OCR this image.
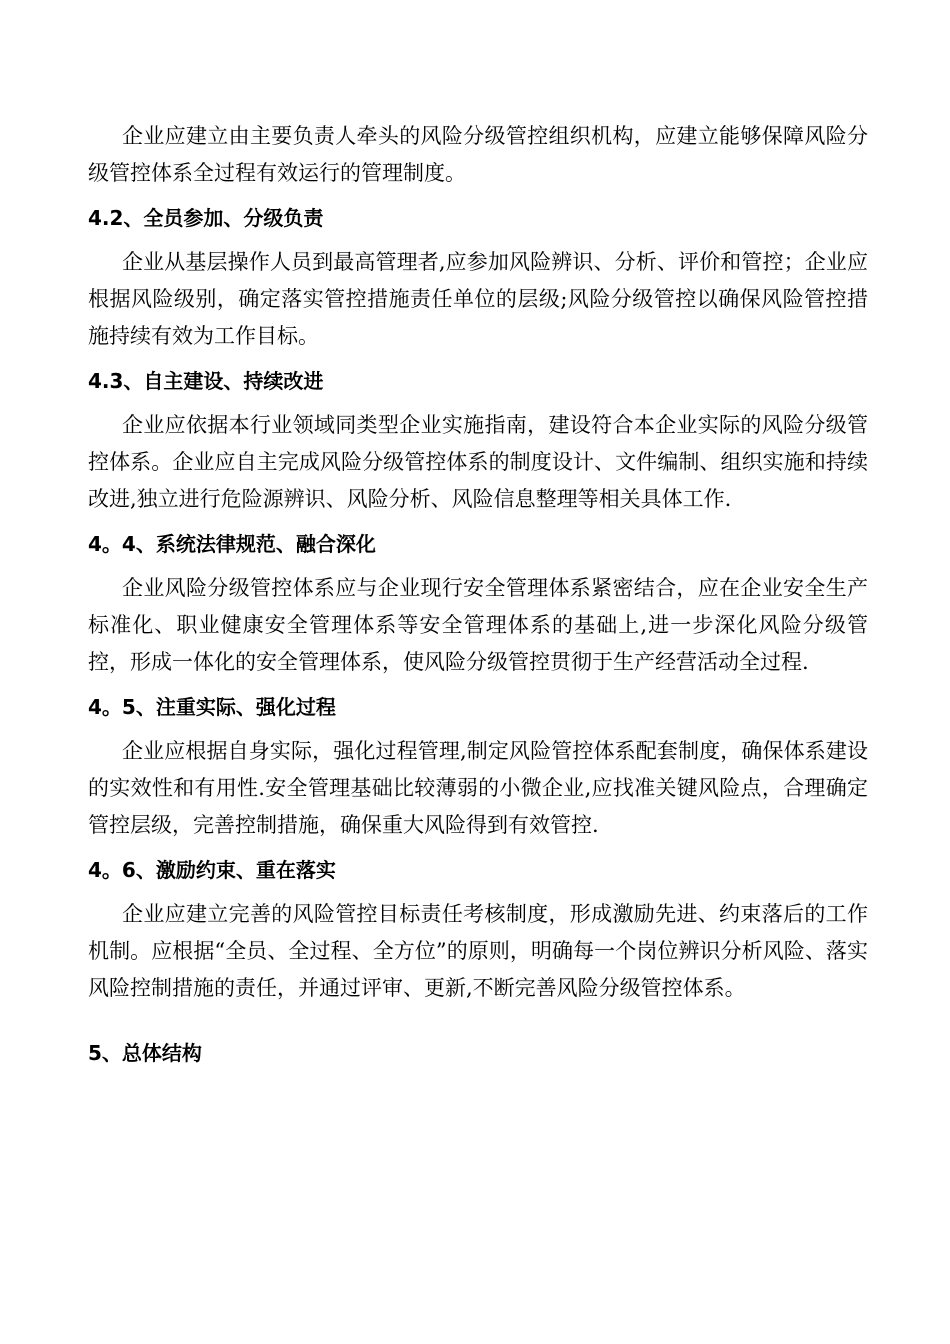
企业应建立由主要负责人牵头的风险分级管控组织机构，应建立能够保障风险分级管控体系全过程有效运行的管理制度。

4.2、全员参加、分级负责

企业从基层操作人员到最高管理者,应参加风险辨识、分析、评价和管控；企业应根据风险级别，确定落实管控措施责任单位的层级;风险分级管控以确保风险管控措施持续有效为工作目标。

4.3、自主建设、持续改进

企业应依据本行业领域同类型企业实施指南，建设符合本企业实际的风险分级管控体系。企业应自主完成风险分级管控体系的制度设计、文件编制、组织实施和持续改进,独立进行危险源辨识、风险分析、风险信息整理等相关具体工作.

4。4、系统法律规范、融合深化

企业风险分级管控体系应与企业现行安全管理体系紧密结合，应在企业安全生产标准化、职业健康安全管理体系等安全管理体系的基础上,进一步深化风险分级管控，形成一体化的安全管理体系，使风险分级管控贯彻于生产经营活动全过程.

4。5、注重实际、强化过程

企业应根据自身实际，强化过程管理,制定风险管控体系配套制度，确保体系建设的实效性和有用性.安全管理基础比较薄弱的小微企业,应找准关键风险点，合理确定管控层级，完善控制措施，确保重大风险得到有效管控.

4。6、激励约束、重在落实

企业应建立完善的风险管控目标责任考核制度，形成激励先进、约束落后的工作机制。应根据“全员、全过程、全方位”的原则，明确每一个岗位辨识分析风险、落实风险控制措施的责任，并通过评审、更新,不断完善风险分级管控体系。

5、总体结构
